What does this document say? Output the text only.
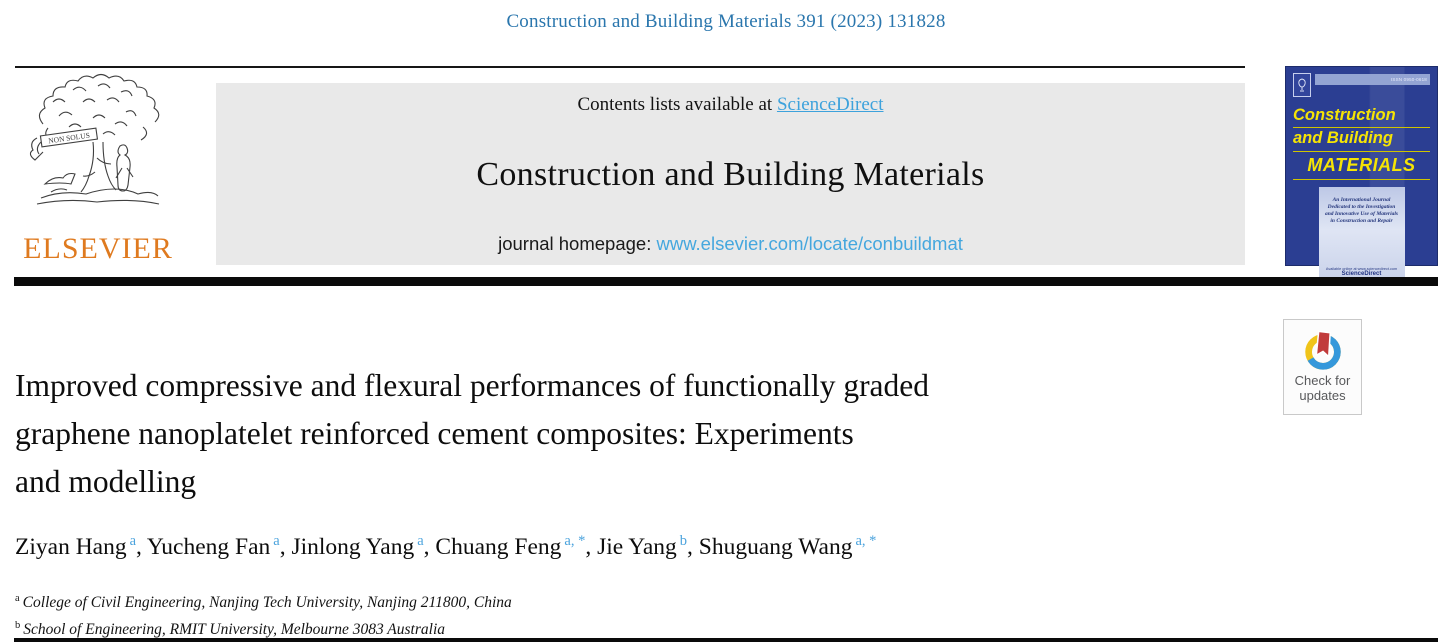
Construction and Building Materials 391 (2023) 131828
NON SOLUS
ELSEVIER
Contents lists available at ScienceDirect
Construction and Building Materials
journal homepage: www.elsevier.com/locate/conbuildmat
ISSN 0950-0618
Construction
and Building
MATERIALS
An International Journal Dedicated to the Investigation and Innovative Use of Materials in Construction and Repair
Available online at www.sciencedirect.com
ScienceDirect
Check for
updates
Improved compressive and flexural performances of functionally graded
graphene nanoplatelet reinforced cement composites: Experiments
and modelling
Ziyan Hang $^a$, Yucheng Fan $^a$, Jinlong Yang $^a$, Chuang Feng $^{a, *}$, Jie Yang $^b$, Shuguang Wang $^{a, *}$
$^a$ College of Civil Engineering, Nanjing Tech University, Nanjing 211800, China
$^b$ School of Engineering, RMIT University, Melbourne 3083 Australia
